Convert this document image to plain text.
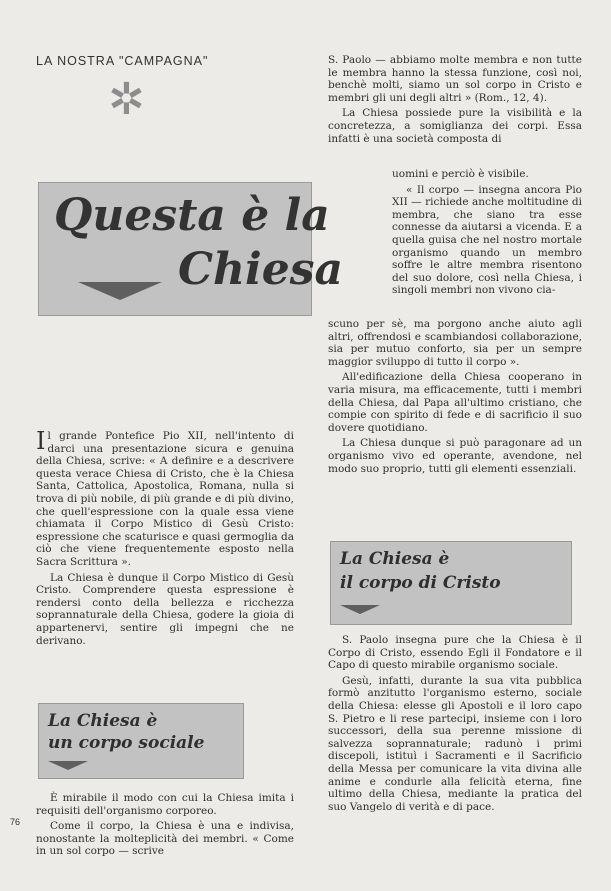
LA NOSTRA "CAMPAGNA"
✲
Questa è la
Chiesa

Il grande Pontefice Pio XII, nell'intento di darci una presentazione sicura e genuina della Chiesa, scrive: « A definire e a descrivere questa verace Chiesa di Cristo, che è la Chiesa Santa, Cattolica, Apostolica, Romana, nulla si trova di più nobile, di più grande e di più divino, che quell'espressione con la quale essa viene chiamata il Corpo Mistico di Gesù Cristo: espressione che scaturisce e quasi germoglia da ciò che viene frequentemente esposto nella Sacra Scrittura ».

La Chiesa è dunque il Corpo Mistico di Gesù Cristo. Comprendere questa espressione è rendersi conto della bellezza e ricchezza soprannaturale della Chiesa, godere la gioia di appartenervi, sentire gli impegni che ne derivano.

La Chiesa è
un corpo sociale

È mirabile il modo con cui la Chiesa imita i requisiti dell'organismo corporeo.

Come il corpo, la Chiesa è una e indivisa, nonostante la molteplicità dei membri. « Come in un sol corpo — scrive

76

S. Paolo — abbiamo molte membra e non tutte le membra hanno la stessa funzione, così noi, benchè molti, siamo un sol corpo in Cristo e membri gli uni degli altri » (Rom., 12, 4).

La Chiesa possiede pure la visibilità e la concretezza, a somiglianza dei corpi. Essa infatti è una società composta di

uomini e perciò è visibile.

« Il corpo — insegna ancora Pio XII — richiede anche moltitudine di membra, che siano tra esse connesse da aiutarsi a vicenda. E a quella guisa che nel nostro mortale organismo quando un membro soffre le altre membra risentono del suo dolore, così nella Chiesa, i singoli membri non vivono cia-

scuno per sè, ma porgono anche aiuto agli altri, offrendosi e scambiandosi collaborazione, sia per mutuo conforto, sia per un sempre maggior sviluppo di tutto il corpo ».

All'edificazione della Chiesa cooperano in varia misura, ma efficacemente, tutti i membri della Chiesa, dal Papa all'ultimo cristiano, che compie con spirito di fede e di sacrificio il suo dovere quotidiano.

La Chiesa dunque si può paragonare ad un organismo vivo ed operante, avendone, nel modo suo proprio, tutti gli elementi essenziali.

La Chiesa è
il corpo di Cristo

S. Paolo insegna pure che la Chiesa è il Corpo di Cristo, essendo Egli il Fondatore e il Capo di questo mirabile organismo sociale.

Gesù, infatti, durante la sua vita pubblica formò anzitutto l'organismo esterno, sociale della Chiesa: elesse gli Apostoli e il loro capo S. Pietro e li rese partecipi, insieme con i loro successori, della sua perenne missione di salvezza soprannaturale; radunò i primi discepoli, istituì i Sacramenti e il Sacrificio della Messa per comunicare la vita divina alle anime e condurle alla felicità eterna, fine ultimo della Chiesa, mediante la pratica del suo Vangelo di verità e di pace.
